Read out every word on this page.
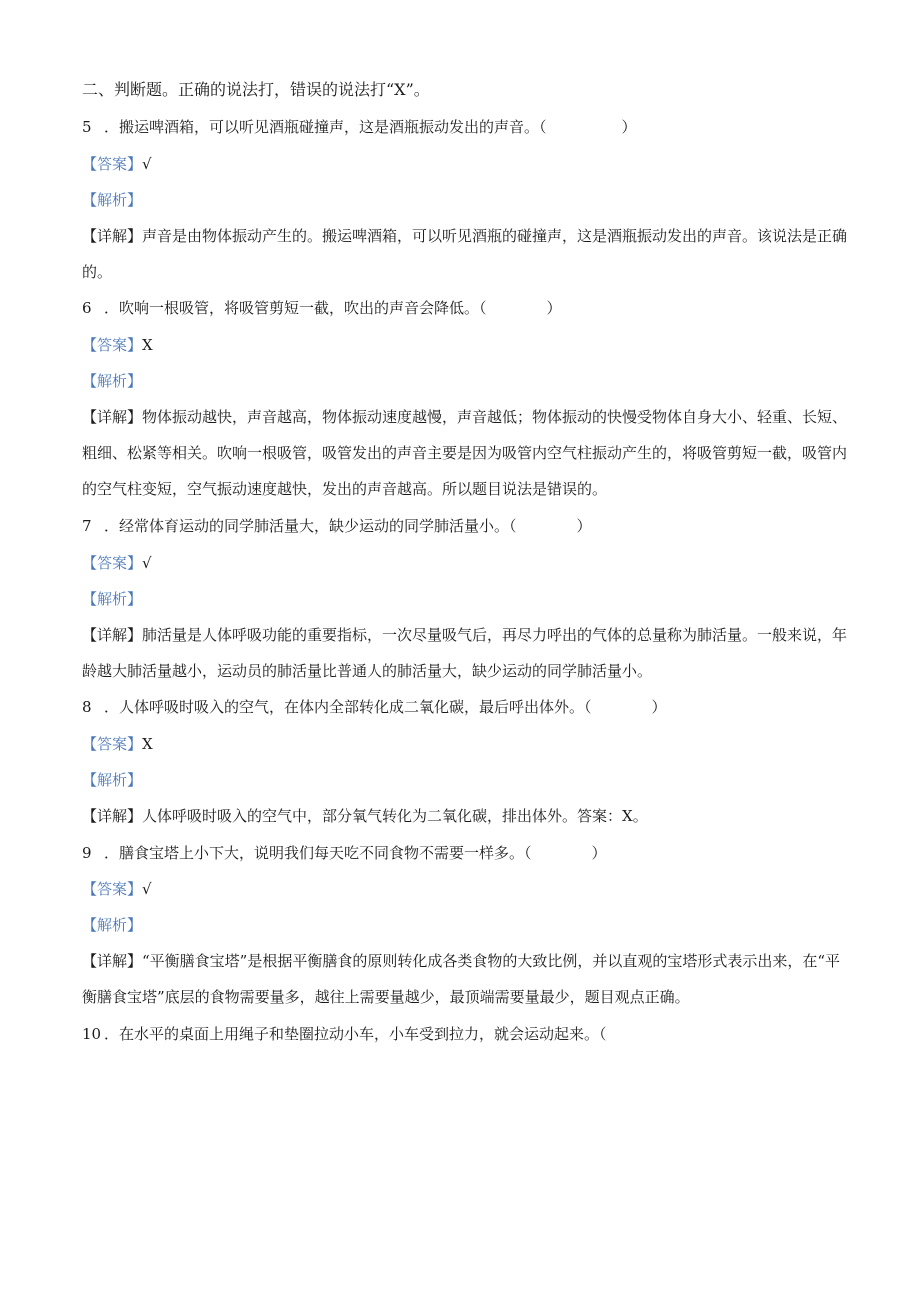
二、判断题。正确的说法打，错误的说法打“X”。
5 ．搬运啤酒箱，可以听见酒瓶碰撞声，这是酒瓶振动发出的声音。（　　　　　）
【答案】√
【解析】
【详解】声音是由物体振动产生的。搬运啤酒箱，可以听见酒瓶的碰撞声，这是酒瓶振动发出的声音。该说法是正确的。
6 ．吹响一根吸管，将吸管剪短一截，吹出的声音会降低。（　　　　）
【答案】X
【解析】
【详解】物体振动越快，声音越高，物体振动速度越慢，声音越低；物体振动的快慢受物体自身大小、轻重、长短、粗细、松紧等相关。吹响一根吸管，吸管发出的声音主要是因为吸管内空气柱振动产生的，将吸管剪短一截，吸管内的空气柱变短，空气振动速度越快，发出的声音越高。所以题目说法是错误的。
7 ．经常体育运动的同学肺活量大，缺少运动的同学肺活量小。（　　　　）
【答案】√
【解析】
【详解】肺活量是人体呼吸功能的重要指标，一次尽量吸气后，再尽力呼出的气体的总量称为肺活量。一般来说，年龄越大肺活量越小，运动员的肺活量比普通人的肺活量大，缺少运动的同学肺活量小。
8 ．人体呼吸时吸入的空气，在体内全部转化成二氧化碳，最后呼出体外。（　　　　）
【答案】X
【解析】
【详解】人体呼吸时吸入的空气中，部分氧气转化为二氧化碳，排出体外。答案：X。
9 ．膳食宝塔上小下大，说明我们每天吃不同食物不需要一样多。（　　　　）
【答案】√
【解析】
【详解】“平衡膳食宝塔”是根据平衡膳食的原则转化成各类食物的大致比例，并以直观的宝塔形式表示出来，在“平衡膳食宝塔”底层的食物需要量多，越往上需要量越少，最顶端需要量最少，题目观点正确。
10 ．在水平的桌面上用绳子和垫圈拉动小车，小车受到拉力，就会运动起来。（
